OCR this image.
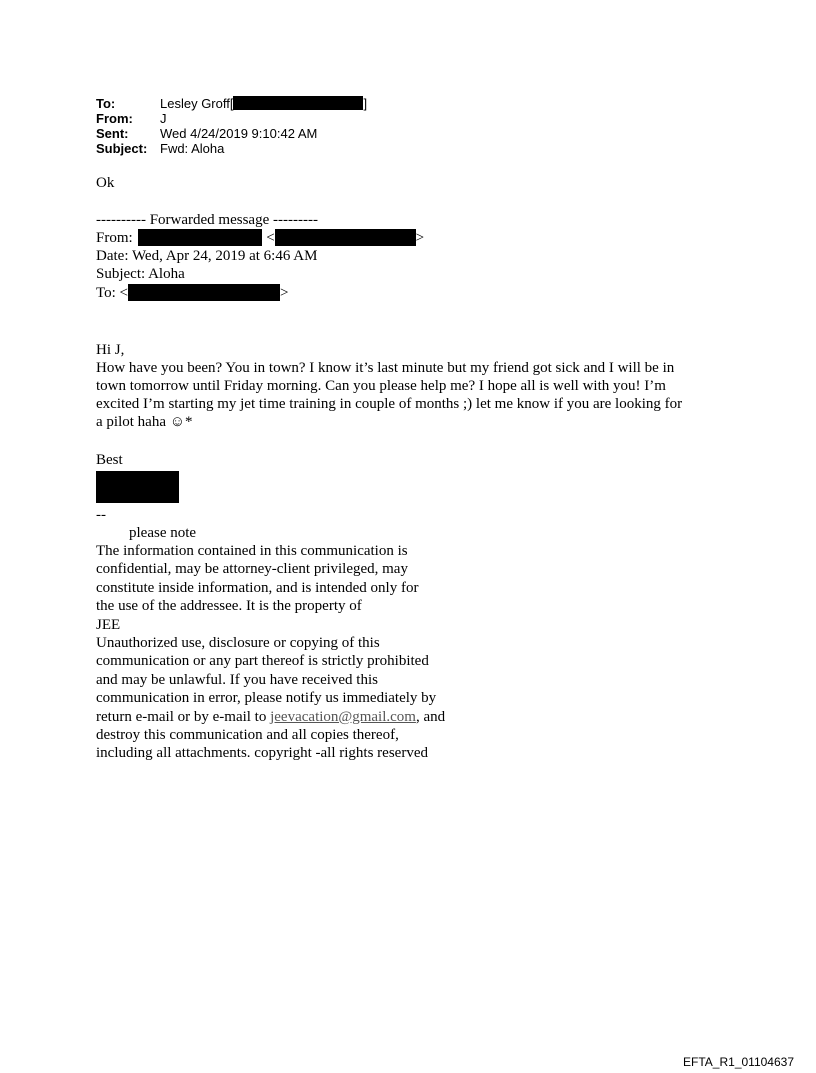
To:	Lesley Groff[	]
From: J
Sent: Wed 4/24/2019 9:10:42 AM
Subject: Fwd: Aloha
Ok
---------- Forwarded message ---------
From:	<	>
Date: Wed, Apr 24, 2019 at 6:46 AM
Subject: Aloha
To: <	>
Hi J,
How have you been? You in town? I know it’s last minute but my friend got sick and I will be in
town tomorrow until Friday morning. Can you please help me? I hope all is well with you! I’m
excited I’m starting my jet time training in couple of months ;) let me know if you are looking for
a pilot haha ☺*
Best
--
please note
The information contained in this communication is
confidential, may be attorney-client privileged, may
constitute inside information, and is intended only for
the use of the addressee. It is the property of
JEE
Unauthorized use, disclosure or copying of this
communication or any part thereof is strictly prohibited
and may be unlawful. If you have received this
communication in error, please notify us immediately by
return e-mail or by e-mail to jeevacation@gmail.com, and
destroy this communication and all copies thereof,
including all attachments. copyright -all rights reserved
EFTA_R1_01104637
